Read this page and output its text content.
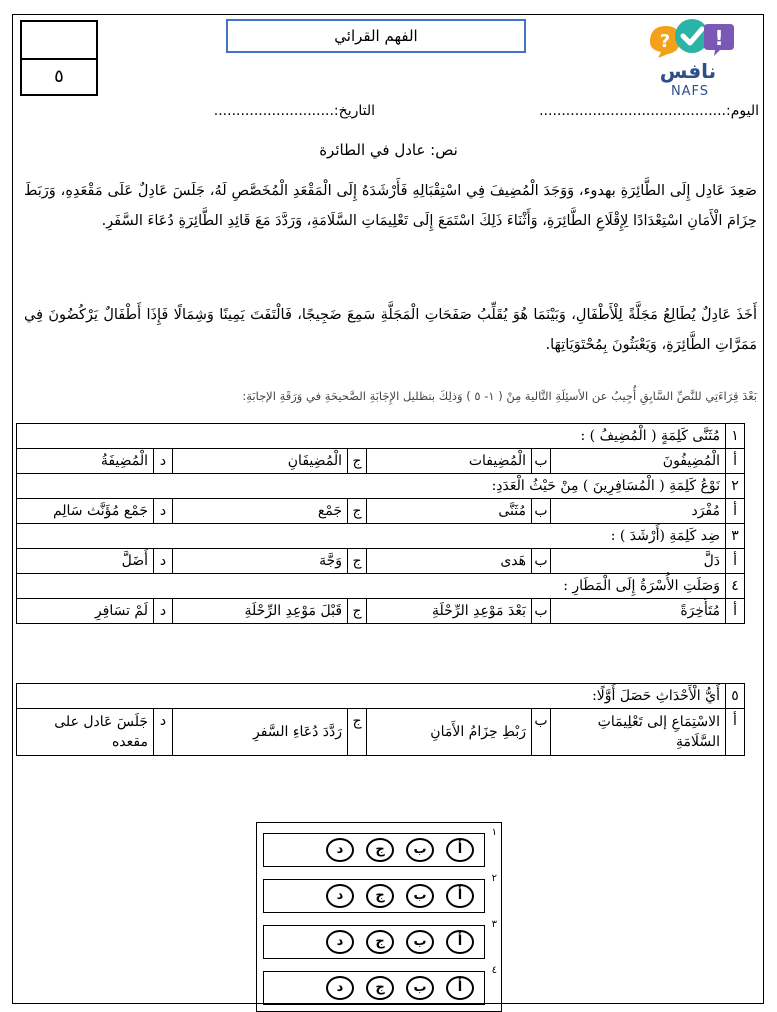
٥
الفهم القرائي	? !
نافس
NAFS
اليوم:..........................................
التاريخ:...........................
نص: عادل في الطائرة
صَعِدَ عَادِل إِلَى الطَّائِرَةِ بهدوء، وَوَجَدَ الْمُضِيفَ فِي اسْتِقْبَالِهِ فَأَرْشَدَهُ إِلَى الْمَقْعَدِ الْمُخَصَّصِ لَهُ، جَلَسَ عَادِلٌ عَلَى مَقْعَدِهِ، وَرَبَطَ حِزَامَ الْأَمَانِ اسْتِعْدَادًا لِإِقْلَاعِ الطَّائِرَةِ، وَأَثْنَاءَ ذَلِكَ اسْتَمَعَ إِلَى تَعْلِيمَاتِ السَّلَامَةِ، وَرَدَّدَ مَعَ قَائِدِ الطَّائِرَةِ دُعَاءَ السَّفَرِ.
أَخَذَ عَادِلٌ يُطَالِعُ مَجَلَّةً لِلْأَطْفَالِ، وَبَيْنَمَا هُوَ يُقَلِّبُ صَفَحَاتِ الْمَجَلَّةِ سَمِعَ ضَجِيجًا، فَالْتَفَتَ يَمِينًا وَشِمَالًا فَإِذَا أَطْفَالٌ يَرْكُضُونَ فِي مَمَرَّاتِ الطَّائِرَةِ، وَيَعْبَثُونَ بِمُحْتَوَيَاتِهَا.
بَعْدَ قِرَاءَتِي للنَّصِّ السَّابِقِ أُجِيبُ عن الأسئِلَةِ التَّالية مِنْ ( ١- ٥ ) وَذلِكَ بتظليل الإِجَابَةِ الصَّحيحَةِ في وَرَقَةِ الإجابَةِ:
١	مُثَنَّى كَلِمَةٍ ( الْمُضِيفُ ) :						
أ	الْمُضِيفُونَ	ب	الْمُضِيفات	ج	الْمُضِيفَانِ	د	الْمُضِيفَةُ
٢	نَوْعُ كَلِمَةِ ( الْمُسَافِرِينَ ) مِنْ حَيْثُ الْعَدَدِ:						
أ	مُفْرَد	ب	مُثَنَّى	ج	جَمْع	د	جَمْع مُؤَنَّث سَالِم
٣	ضِد كَلِمَةِ (أَرْشَدَ ) :						
أ	دَلَّ	ب	هَدى	ج	وَجَّهَ	د	أَضَلَّ
٤	وَصَلَتِ الأُسْرَةُ إِلَى الْمَطَارِ :						
أ	مُتَأَخِرَةً	ب	بَعْدَ مَوْعِدِ الرِّحْلَةِ	ج	قَبْلَ مَوْعِدِ الرِّحْلَةِ	د	لَمْ تسَافِرِ
٥	أَيُّ الْأَحْدَاثِ حَصَلَ أَوَّلًا:						
أ	الاسْتِمَاعِ إلى تَعْلِيمَاتِ السَّلَامَةِ	ب	رَبْطِ حِزَامُ الأَمَانِ	ج	رَدَّدَ دُعَاءِ السَّفرِ	د	جَلَسَ عَادل على مقعده
١
أ
ب
ج
د
٢
أ
ب
ج
د
٣
أ
ب
ج
د
٤
أ
ب
ج
د
